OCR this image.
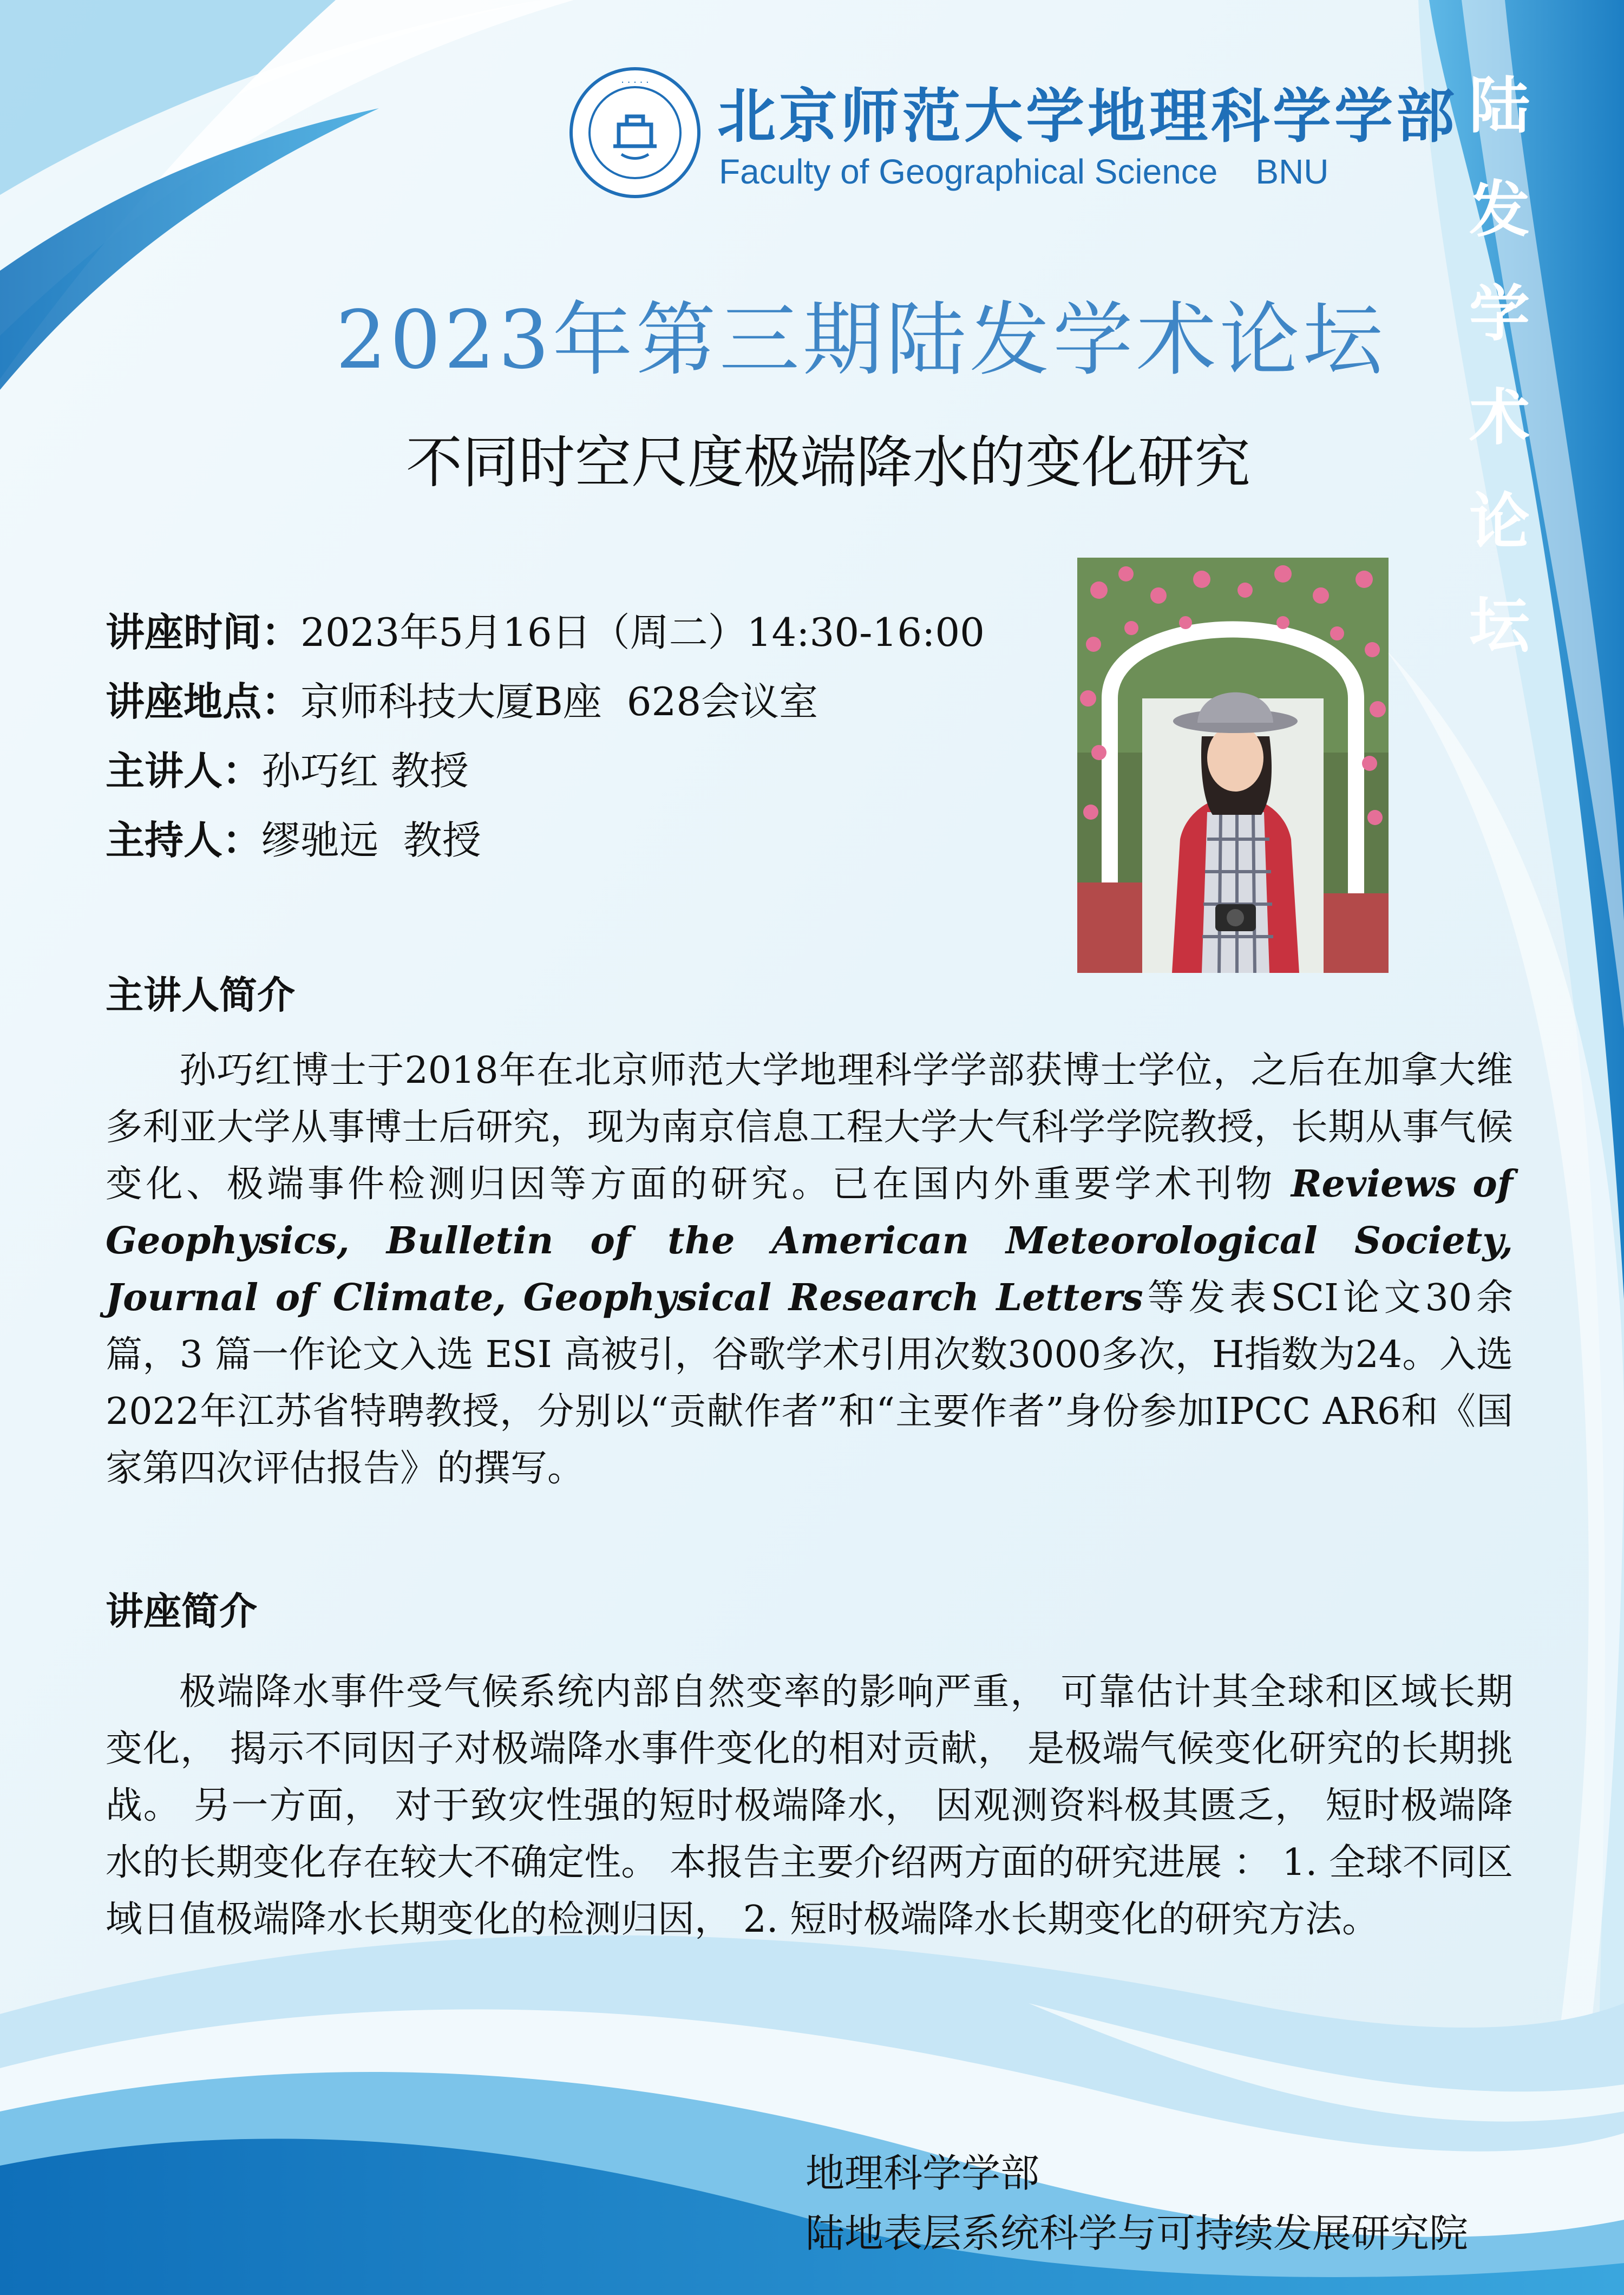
· · · · ·
北京师范大学地理科学学部
Faculty of Geographical Science BNU
陆
发
学
术
论
坛
2023年第三期陆发学术论坛
不同时空尺度极端降水的变化研究
讲座时间：2023年5月16日（周二）14:30-16:00
讲座地点：京师科技大厦B座  628会议室
主讲人：孙巧红 教授
主持人：缪驰远  教授
主讲人简介
孙巧红博士于2018年在北京师范大学地理科学学部获博士学位，之后在加拿大维多利亚大学从事博士后研究，现为南京信息工程大学大气科学学院教授，长期从事气候变化、极端事件检测归因等方面的研究。已在国内外重要学术刊物 Reviews of Geophysics, Bulletin of the American Meteorological Society, Journal of Climate, Geophysical Research Letters等发表SCI论文30余篇，3 篇一作论文入选 ESI 高被引，谷歌学术引用次数3000多次，H指数为24。入选2022年江苏省特聘教授，分别以“贡献作者”和“主要作者”身份参加IPCC AR6和《国家第四次评估报告》的撰写。
讲座简介
极端降水事件受气候系统内部自然变率的影响严重， 可靠估计其全球和区域长期变化， 揭示不同因子对极端降水事件变化的相对贡献， 是极端气候变化研究的长期挑战。 另一方面， 对于致灾性强的短时极端降水， 因观测资料极其匮乏， 短时极端降水的长期变化存在较大不确定性。 本报告主要介绍两方面的研究进展 ： 1. 全球不同区域日值极端降水长期变化的检测归因， 2. 短时极端降水长期变化的研究方法。
地理科学学部
陆地表层系统科学与可持续发展研究院
